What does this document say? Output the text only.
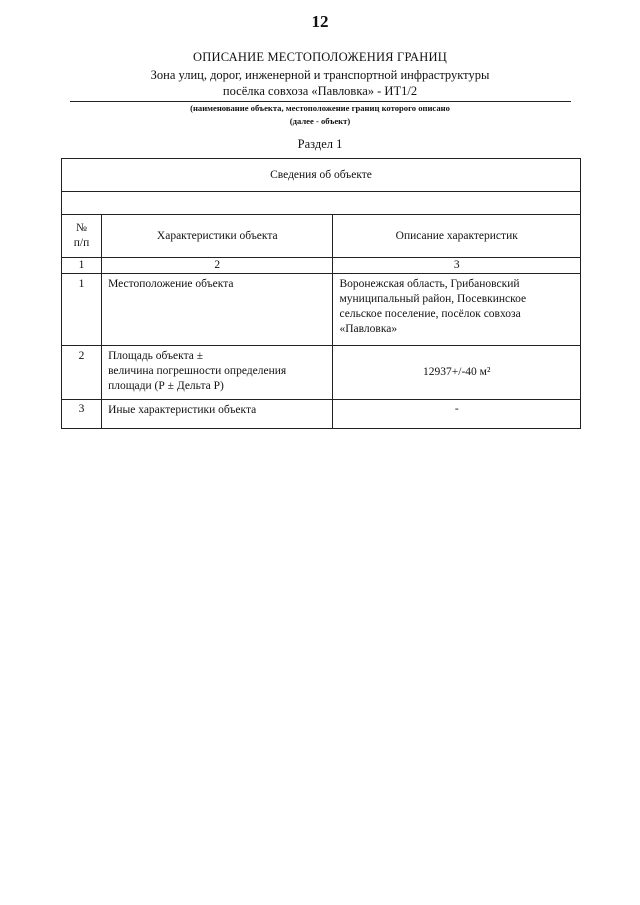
12
ОПИСАНИЕ МЕСТОПОЛОЖЕНИЯ ГРАНИЦ
Зона улиц, дорог, инженерной и транспортной инфраструктуры
посёлка совхоза «Павловка» - ИТ1/2
(наименование объекта, местоположение границ которого описано
(далее - объект)
Раздел 1
Сведения об объекте		

№
п/п	Характеристики объекта	Описание характеристик
1	2	3
1	Местоположение объекта	Воронежская область, Грибановский
муниципальный район, Посевкинское
сельское поселение, посёлок совхоза
«Павловка»

2	Площадь объекта ±
величина погрешности определения
площади (Р ± Дельта Р)	12937+/-40 м²
3	Иные характеристики объекта	-
